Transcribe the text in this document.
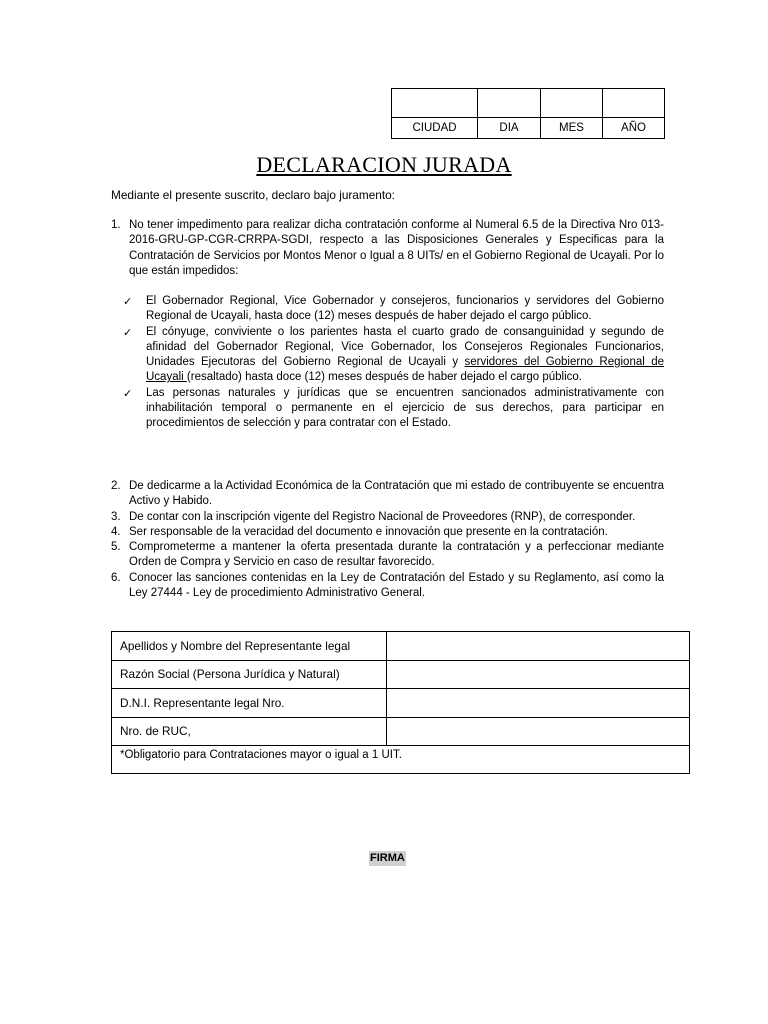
CIUDAD	DIA	MES	AÑO
DECLARACION JURADA
Mediante el presente suscrito, declaro bajo juramento:
1. No tener impedimento para realizar dicha contratación conforme al Numeral 6.5 de la Directiva Nro 013-2016-GRU-GP-CGR-CRRPA-SGDI, respecto a las Disposiciones Generales y Especificas para la Contratación de Servicios por Montos Menor o Igual a 8 UITs/ en el Gobierno Regional de Ucayali. Por lo que están impedidos:
✓	El Gobernador Regional, Vice Gobernador y consejeros, funcionarios y servidores del Gobierno Regional de Ucayali, hasta doce (12) meses después de haber dejado el cargo público.
✓	El cónyuge, conviviente o los parientes hasta el cuarto grado de consanguinidad y segundo de afinidad del Gobernador Regional, Vice Gobernador, los Consejeros Regionales Funcionarios, Unidades Ejecutoras del Gobierno Regional de Ucayali y servidores del Gobierno Regional de Ucayali (resaltado) hasta doce (12) meses después de haber dejado el cargo público.
✓	Las personas naturales y jurídicas que se encuentren sancionados administrativamente con inhabilitación temporal o permanente en el ejercicio de sus derechos, para participar en procedimientos de selección y para contratar con el Estado.
·
2. De dedicarme a la Actividad Económica de la Contratación que mi estado de contribuyente se encuentra Activo y Habido.
3. De contar con la inscripción vigente del Registro Nacional de Proveedores (RNP), de corresponder.
4. Ser responsable de la veracidad del documento e innovación que presente en la contratación.
5. Comprometerme a mantener la oferta presentada durante la contratación y a perfeccionar mediante Orden de Compra y Servicio en caso de resultar favorecido.
6. Conocer las sanciones contenidas en la Ley de Contratación del Estado y su Reglamento, así como la Ley 27444 - Ley de procedimiento Administrativo General.
Apellidos y Nombre del Representante legal	
Razón Social (Persona Jurídica y Natural)	
D.N.I. Representante legal Nro.	
Nro. de RUC,	
*Obligatorio para Contrataciones mayor o igual a 1 UIT.	
FIRMA
